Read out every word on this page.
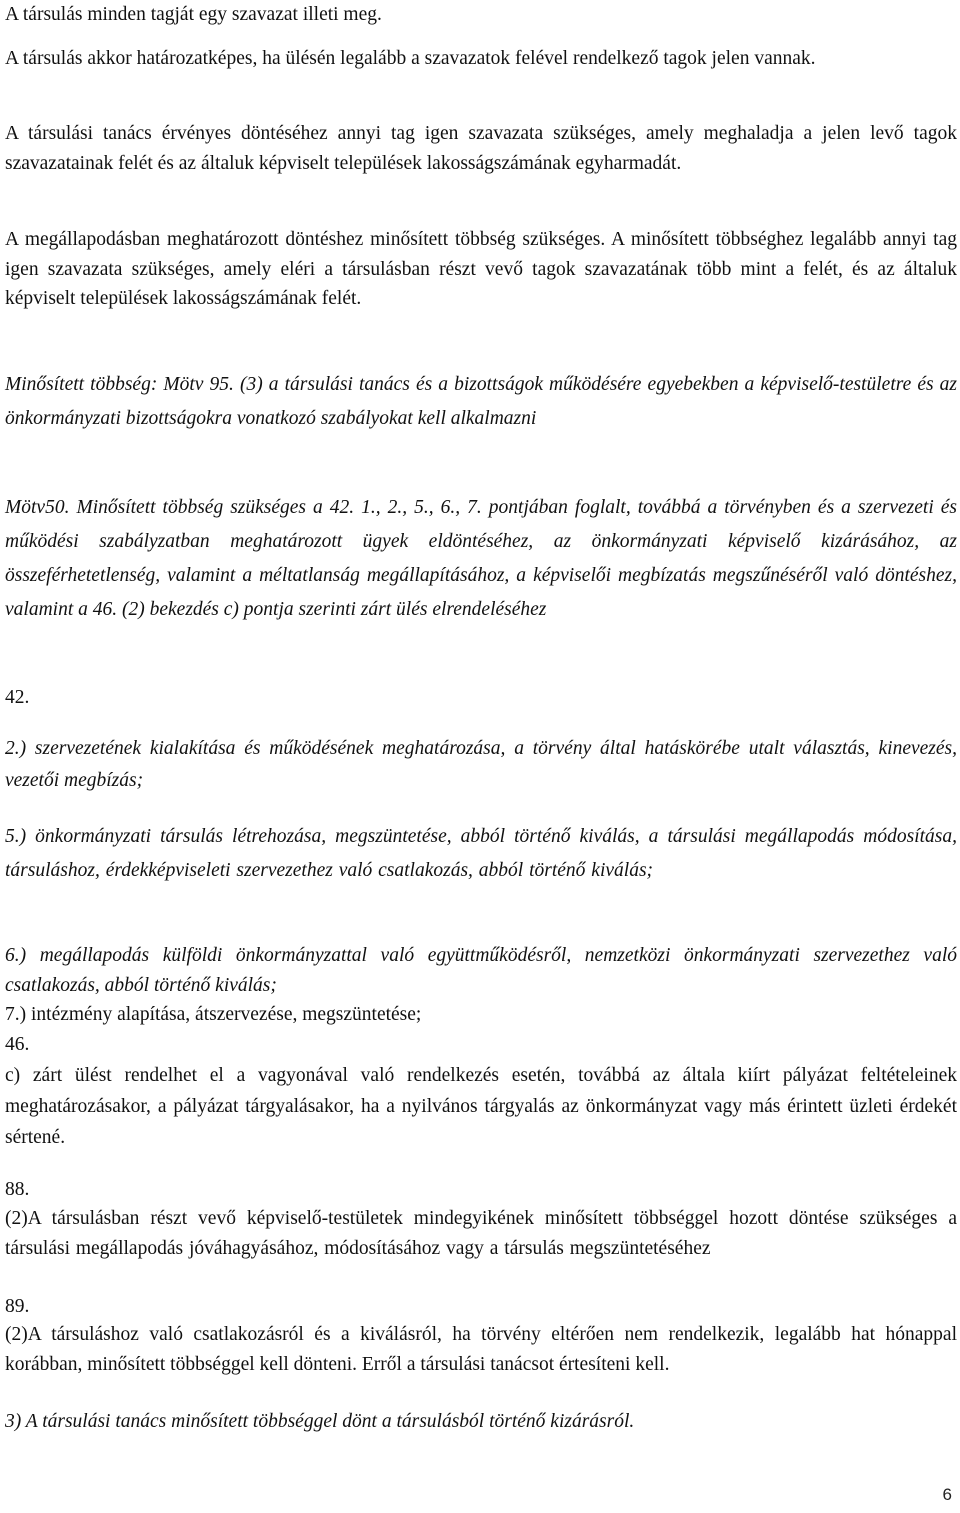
A társulás minden tagját egy szavazat illeti meg.

A társulás akkor határozatképes, ha ülésén legalább a szavazatok felével rendelkező tagok jelen vannak.

A társulási tanács érvényes döntéséhez annyi tag igen szavazata szükséges, amely meghaladja a jelen levő tagok szavazatainak felét és az általuk képviselt települések lakosságszámának egyharmadát.

A megállapodásban meghatározott döntéshez minősített többség szükséges. A minősített többséghez legalább annyi tag igen szavazata szükséges, amely eléri a társulásban részt vevő tagok szavazatának több mint a felét, és az általuk képviselt települések lakosságszámának felét.

Minősített többség: Mötv 95. (3) a társulási tanács és a bizottságok működésére egyebekben a képviselő-testületre és az önkormányzati bizottságokra vonatkozó szabályokat kell alkalmazni

Mötv50. Minősített többség szükséges a 42. 1., 2., 5., 6., 7. pontjában foglalt, továbbá a törvényben és a szervezeti és működési szabályzatban meghatározott ügyek eldöntéséhez, az önkormányzati képviselő kizárásához, az összeférhetetlenség, valamint a méltatlanság megállapításához, a képviselői megbízatás megszűnéséről való döntéshez, valamint a 46. (2) bekezdés c) pontja szerinti zárt ülés elrendeléséhez

42.

2.) szervezetének kialakítása és működésének meghatározása, a törvény által hatáskörébe utalt választás, kinevezés, vezetői megbízás;

5.) önkormányzati társulás létrehozása, megszüntetése, abból történő kiválás, a társulási megállapodás módosítása, társuláshoz, érdekképviseleti szervezethez való csatlakozás, abból történő kiválás;

6.) megállapodás külföldi önkormányzattal való együttműködésről, nemzetközi önkormányzati szervezethez való csatlakozás, abból történő kiválás;

7.) intézmény alapítása, átszervezése, megszüntetése;

46.

c) zárt ülést rendelhet el a vagyonával való rendelkezés esetén, továbbá az általa kiírt pályázat feltételeinek meghatározásakor, a pályázat tárgyalásakor, ha a nyilvános tárgyalás az önkormányzat vagy más érintett üzleti érdekét sértené.

88.

(2)A társulásban részt vevő képviselő-testületek mindegyikének minősített többséggel hozott döntése szükséges a társulási megállapodás jóváhagyásához, módosításához vagy a társulás megszüntetéséhez

89.

(2)A társuláshoz való csatlakozásról és a kiválásról, ha törvény eltérően nem rendelkezik, legalább hat hónappal korábban, minősített többséggel kell dönteni. Erről a társulási tanácsot értesíteni kell.

3) A társulási tanács minősített többséggel dönt a társulásból történő kizárásról.

6
